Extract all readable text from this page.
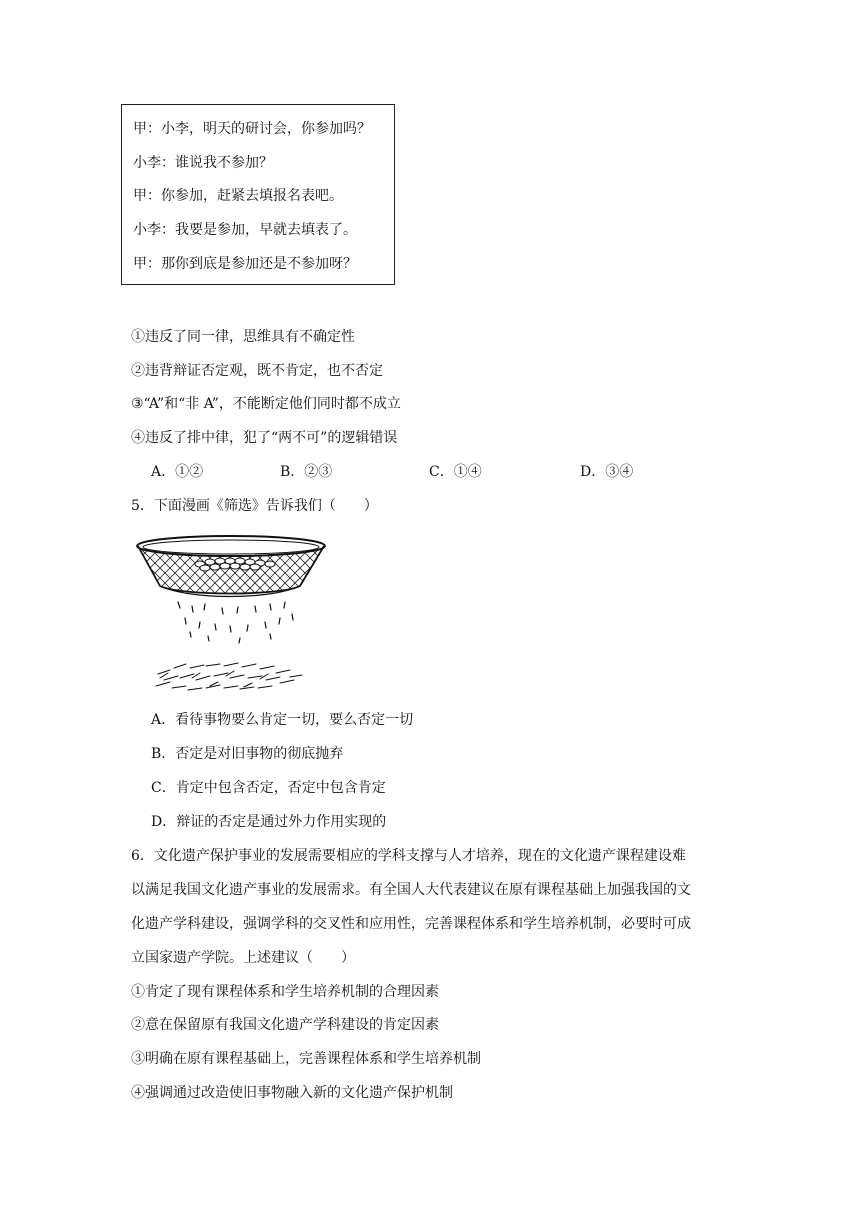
甲：小李，明天的研讨会，你参加吗？
小李：谁说我不参加？
甲：你参加，赶紧去填报名表吧。
小李：我要是参加，早就去填表了。
甲：那你到底是参加还是不参加呀？
①违反了同一律，思维具有不确定性
②违背辩证否定观，既不肯定，也不否定
③“A”和“非 A”，不能断定他们同时都不成立
④违反了排中律，犯了“两不可”的逻辑错误
A．①②	B．②③	C．①④	D．③④
5．下面漫画《筛选》告诉我们（　　）
A．看待事物要么肯定一切，要么否定一切
B．否定是对旧事物的彻底抛弃
C．肯定中包含否定，否定中包含肯定
D．辩证的否定是通过外力作用实现的
6．文化遗产保护事业的发展需要相应的学科支撑与人才培养，现在的文化遗产课程建设难
以满足我国文化遗产事业的发展需求。有全国人大代表建议在原有课程基础上加强我国的文
化遗产学科建设，强调学科的交叉性和应用性，完善课程体系和学生培养机制，必要时可成
立国家遗产学院。上述建议（　　）
①肯定了现有课程体系和学生培养机制的合理因素
②意在保留原有我国文化遗产学科建设的肯定因素
③明确在原有课程基础上，完善课程体系和学生培养机制
④强调通过改造使旧事物融入新的文化遗产保护机制
